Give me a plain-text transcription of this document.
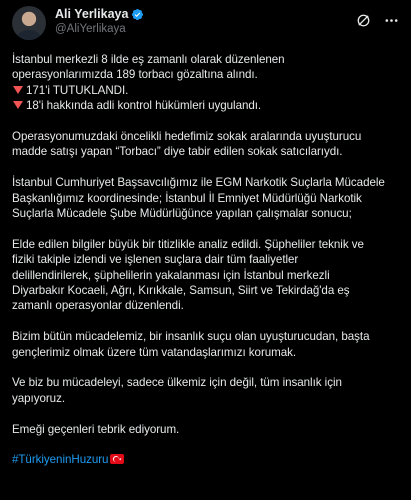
Ali Yerlikaya
@AliYerlikaya

İstanbul merkezli 8 ilde eş zamanlı olarak düzenlenen

operasyonlarımızda 189 torbacı gözaltına alındı.

171'i TUTUKLANDI.

18'i hakkında adli kontrol hükümleri uygulandı.

Operasyonumuzdaki öncelikli hedefimiz sokak aralarında uyuşturucu

madde satışı yapan “Torbacı” diye tabir edilen sokak satıcılarıydı.

İstanbul Cumhuriyet Başsavcılığımız ile EGM Narkotik Suçlarla Mücadele

Başkanlığımız koordinesinde; İstanbul İl Emniyet Müdürlüğü Narkotik

Suçlarla Mücadele Şube Müdürlüğünce yapılan çalışmalar sonucu;

Elde edilen bilgiler büyük bir titizlikle analiz edildi. Şüpheliler teknik ve

fiziki takiple izlendi ve işlenen suçlara dair tüm faaliyetler

delillendirilerek, şüphelilerin yakalanması için İstanbul merkezli

Diyarbakır Kocaeli, Ağrı, Kırıkkale, Samsun, Siirt ve Tekirdağ'da eş

zamanlı operasyonlar düzenlendi.

Bizim bütün mücadelemiz, bir insanlık suçu olan uyuşturucudan, başta

gençlerimiz olmak üzere tüm vatandaşlarımızı korumak.

Ve biz bu mücadeleyi, sadece ülkemiz için değil, tüm insanlık için

yapıyoruz.

Emeği geçenleri tebrik ediyorum.

#TürkiyeninHuzuru
